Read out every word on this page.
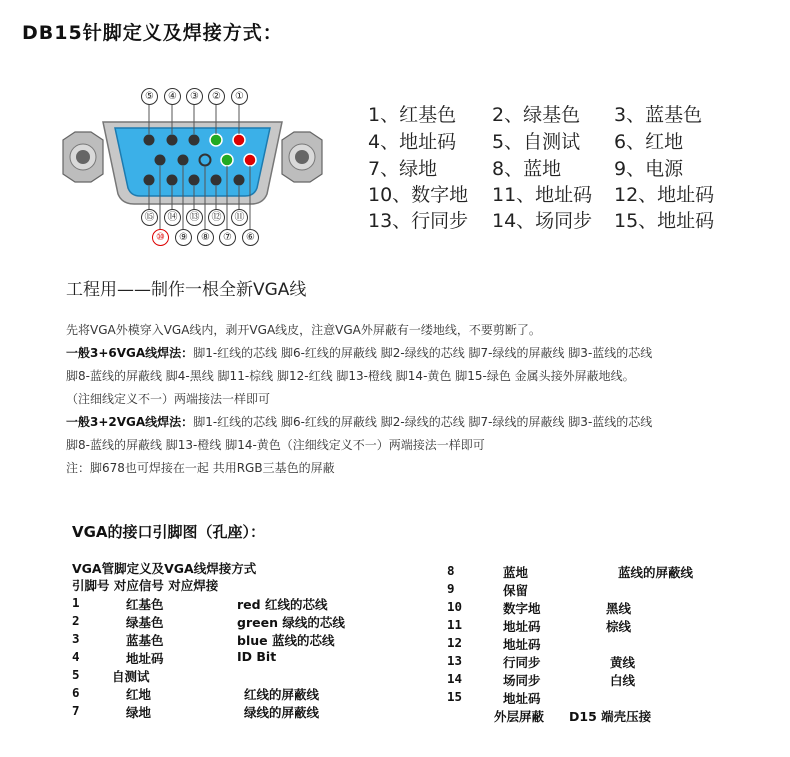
DB15针脚定义及焊接方式：
⑤	④	③	②	①
⑮	⑭	⑬	⑫	⑪
⑩	⑨	⑧	⑦	⑥
1、红基色 2、绿基色 3、蓝基色
4、地址码 5、自测试 6、红地
7、绿地	8、蓝地	9、电源
10、数字地 11、地址码 12、地址码
13、行同步 14、场同步 15、地址码
工程用——制作一根全新VGA线
先将VGA外模穿入VGA线内，剥开VGA线皮，注意VGA外屏蔽有一缕地线，不要剪断了。
一般3+6VGA线焊法：脚1-红线的芯线 脚6-红线的屏蔽线 脚2-绿线的芯线 脚7-绿线的屏蔽线 脚3-蓝线的芯线
脚8-蓝线的屏蔽线 脚4-黑线 脚11-棕线 脚12-红线 脚13-橙线 脚14-黄色 脚15-绿色 金属头接外屏蔽地线。
（注细线定义不一）两端接法一样即可
一般3+2VGA线焊法：脚1-红线的芯线 脚6-红线的屏蔽线 脚2-绿线的芯线 脚7-绿线的屏蔽线 脚3-蓝线的芯线
脚8-蓝线的屏蔽线 脚13-橙线 脚14-黄色（注细线定义不一）两端接法一样即可
注：脚678也可焊接在一起 共用RGB三基色的屏蔽
VGA的接口引脚图（孔座）：
VGA管脚定义及VGA线焊接方式
引脚号 对应信号 对应焊接
1	红基色	red 红线的芯线
2	绿基色	green 绿线的芯线
3	蓝基色	blue 蓝线的芯线
4	地址码	ID Bit
5	自测试
6	红地	红线的屏蔽线
7	绿地	绿线的屏蔽线
8	蓝地	蓝线的屏蔽线
9	保留
10	数字地	黑线
11	地址码	棕线
12	地址码
13	行同步	黄线
14	场同步	白线
15	地址码
外层屏蔽 D15 端壳压接
